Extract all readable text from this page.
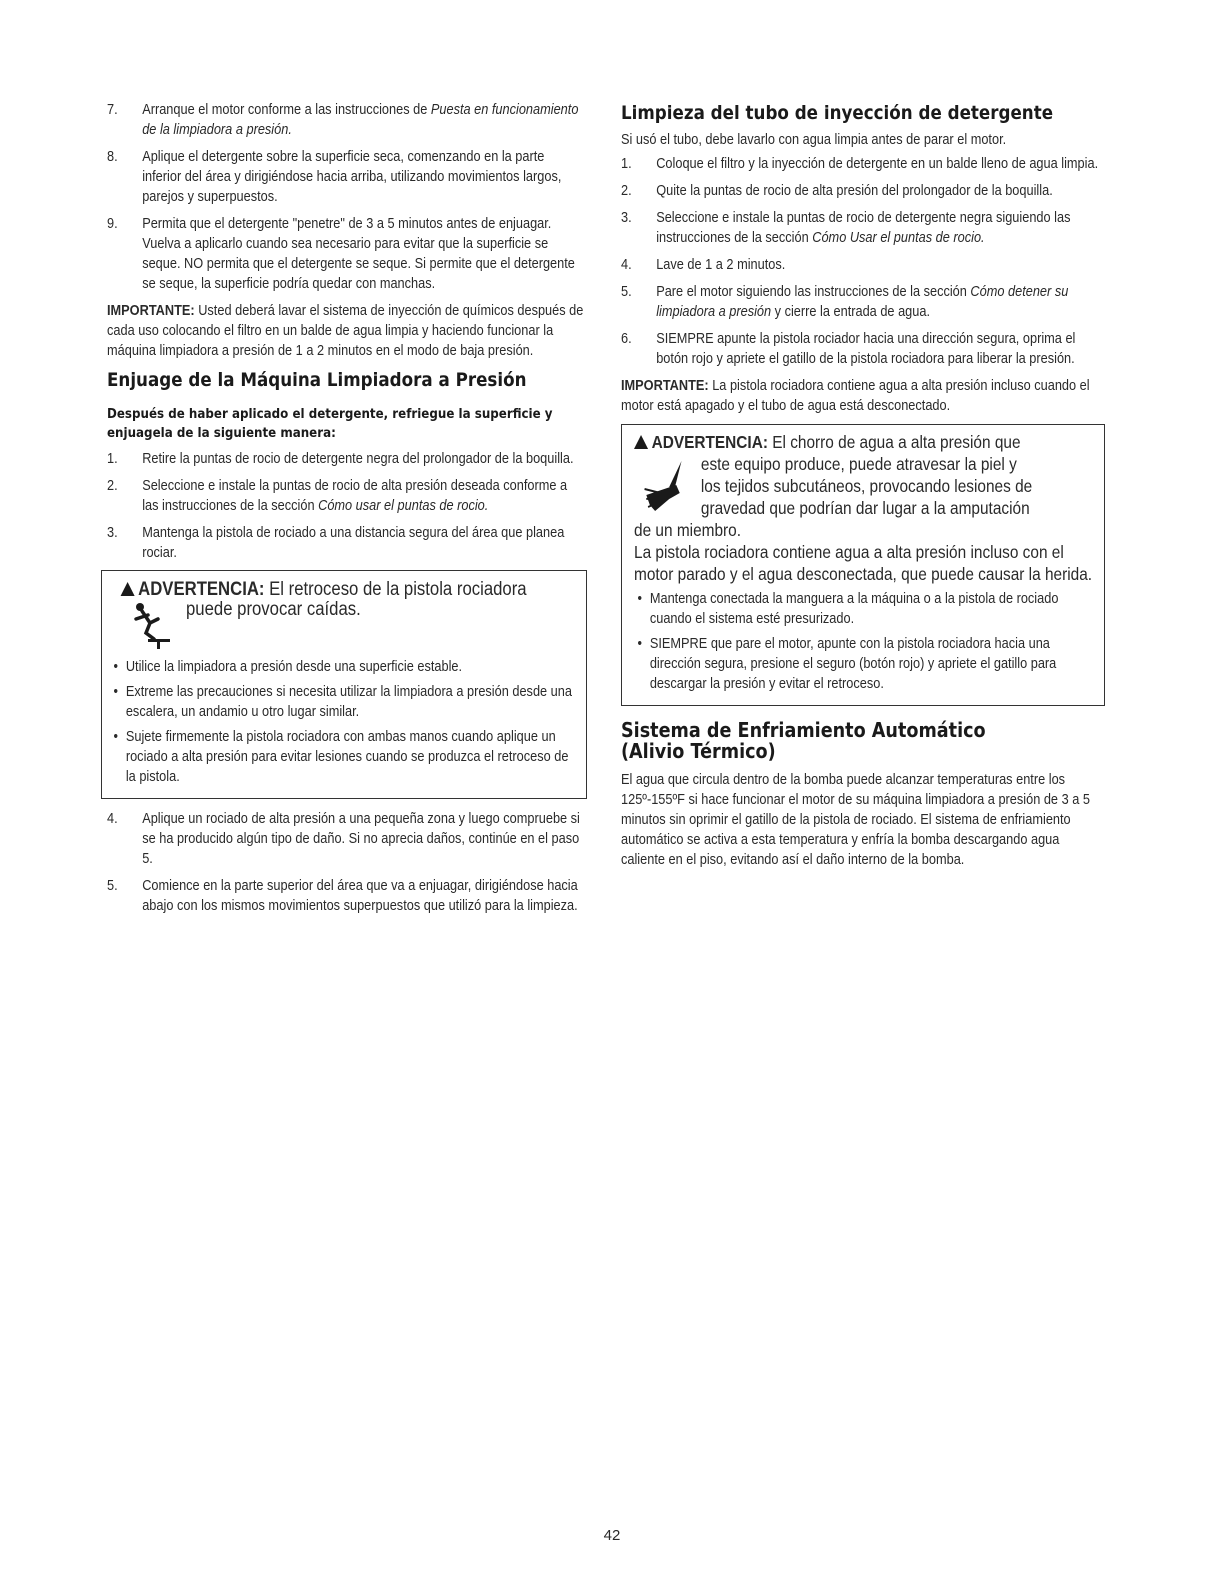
7. Arranque el motor conforme a las instrucciones de Puesta en funcionamiento de la limpiadora a presión.
8. Aplique el detergente sobre la superficie seca, comenzando en la parte inferior del área y dirigiéndose hacia arriba, utilizando movimientos largos, parejos y superpuestos.
9. Permita que el detergente "penetre" de 3 a 5 minutos antes de enjuagar. Vuelva a aplicarlo cuando sea necesario para evitar que la superficie se seque. NO permita que el detergente se seque. Si permite que el detergente se seque, la superficie podría quedar con manchas.

IMPORTANTE: Usted deberá lavar el sistema de inyección de químicos después de cada uso colocando el filtro en un balde de agua limpia y haciendo funcionar la máquina limpiadora a presión de 1 a 2 minutos en el modo de baja presión.

Enjuage de la Máquina Limpiadora a Presión
Después de haber aplicado el detergente, refriegue la superficie y enjuagela de la siguiente manera:
1. Retire la puntas de rocio de detergente negra del prolongador de la boquilla.
2. Seleccione e instale la puntas de rocio de alta presión deseada conforme a las instrucciones de la sección Cómo usar el puntas de rocio.
3. Mantenga la pistola de rociado a una distancia segura del área que planea rociar.
ADVERTENCIA: El retroceso de la pistola rociadora
puede provocar caídas.
• Utilice la limpiadora a presión desde una superficie estable.
• Extreme las precauciones si necesita utilizar la limpiadora a presión desde una escalera, un andamio u otro lugar similar.
• Sujete firmemente la pistola rociadora con ambas manos cuando aplique un rociado a alta presión para evitar lesiones cuando se produzca el retroceso de la pistola.
4. Aplique un rociado de alta presión a una pequeña zona y luego compruebe si se ha producido algún tipo de daño. Si no aprecia daños, continúe en el paso 5.
5. Comience en la parte superior del área que va a enjuagar, dirigiéndose hacia abajo con los mismos movimientos superpuestos que utilizó para la limpieza.
Limpieza del tubo de inyección de detergente

Si usó el tubo, debe lavarlo con agua limpia antes de parar el motor.

1. Coloque el filtro y la inyección de detergente en un balde lleno de agua limpia.
2. Quite la puntas de rocio de alta presión del prolongador de la boquilla.
3. Seleccione e instale la puntas de rocio de detergente negra siguiendo las instrucciones de la sección Cómo Usar el puntas de rocio.
4. Lave de 1 a 2 minutos.
5. Pare el motor siguiendo las instrucciones de la sección Cómo detener su limpiadora a presión y cierre la entrada de agua.
6. SIEMPRE apunte la pistola rociador hacia una dirección segura, oprima el botón rojo y apriete el gatillo de la pistola rociadora para liberar la presión.

IMPORTANTE: La pistola rociadora contiene agua a alta presión incluso cuando el motor está apagado y el tubo de agua está desconectado.

ADVERTENCIA: El chorro de agua a alta presión que
este equipo produce, puede atravesar la piel y
los tejidos subcutáneos, provocando lesiones de
gravedad que podrían dar lugar a la amputación
de un miembro.
La pistola rociadora contiene agua a alta presión incluso con el motor parado y el agua desconectada, que puede causar la herida.
• Mantenga conectada la manguera a la máquina o a la pistola de rociado cuando el sistema esté presurizado.
• SIEMPRE que pare el motor, apunte con la pistola rociadora hacia una dirección segura, presione el seguro (botón rojo) y apriete el gatillo para descargar la presión y evitar el retroceso.
Sistema de Enfriamiento Automático
(Alivio Térmico)

El agua que circula dentro de la bomba puede alcanzar temperaturas entre los 125º-155ºF si hace funcionar el motor de su máquina limpiadora a presión de 3 a 5 minutos sin oprimir el gatillo de la pistola de rociado. El sistema de enfriamiento automático se activa a esta temperatura y enfría la bomba descargando agua caliente en el piso, evitando así el daño interno de la bomba.

42
